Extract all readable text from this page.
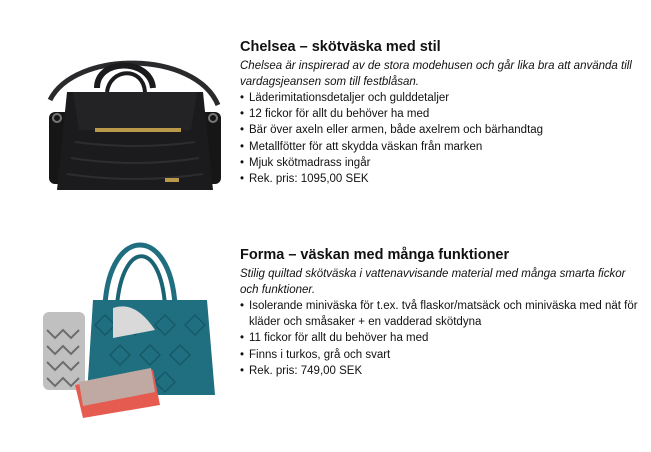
Chelsea – skötväska med stil

Chelsea är inspirerad av de stora modehusen och går lika bra att använda till vardagsjeansen som till festblåsan.

• Läderimitationsdetaljer och gulddetaljer
• 12 fickor för allt du behöver ha med
• Bär över axeln eller armen, både axelrem och bärhandtag
• Metallfötter för att skydda väskan från marken
• Mjuk skötmadrass ingår
• Rek. pris: 1095,00 SEK
Forma – väskan med många funktioner

Stilig quiltad skötväska i vattenavvisande material med många smarta fickor och funktioner.

• Isolerande miniväska för t.ex. två flaskor/matsäck och miniväska med nät för kläder och småsaker + en vadderad skötdyna
• 11 fickor för allt du behöver ha med
• Finns i turkos, grå och svart
• Rek. pris: 749,00 SEK
